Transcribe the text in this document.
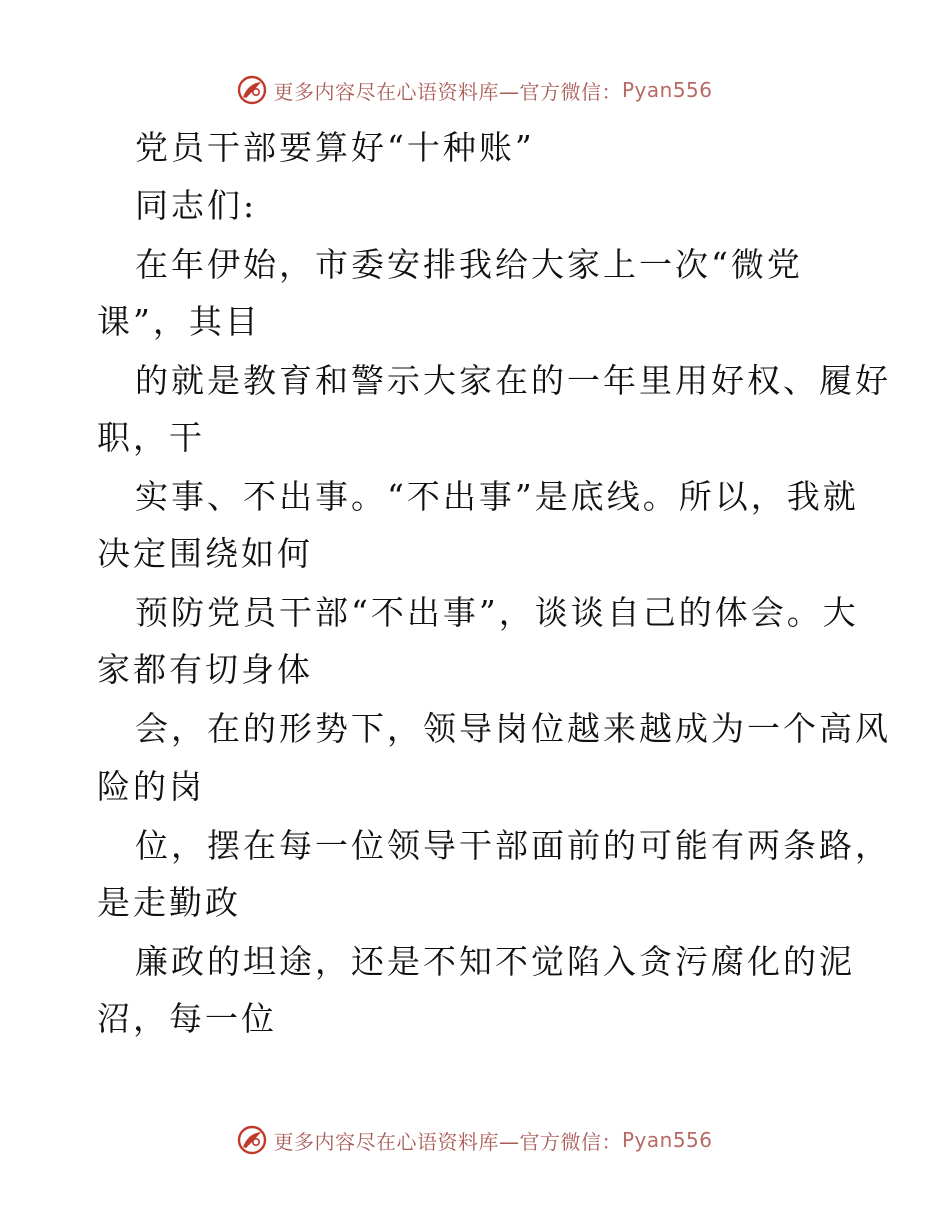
更多内容尽在心语资料库—官方微信： Pyan556
党员干部要算好“十种账”
同志们:
在年伊始，市委安排我给大家上一次“微党
课”，其目
的就是教育和警示大家在的一年里用好权、履好
职，干
实事、不出事。“不出事”是底线。所以，我就
决定围绕如何
预防党员干部“不出事”，谈谈自己的体会。大
家都有切身体
会，在的形势下，领导岗位越来越成为一个高风
险的岗
位，摆在每一位领导干部面前的可能有两条路，
是走勤政
廉政的坦途，还是不知不觉陷入贪污腐化的泥
沼，每一位
更多内容尽在心语资料库—官方微信： Pyan556
